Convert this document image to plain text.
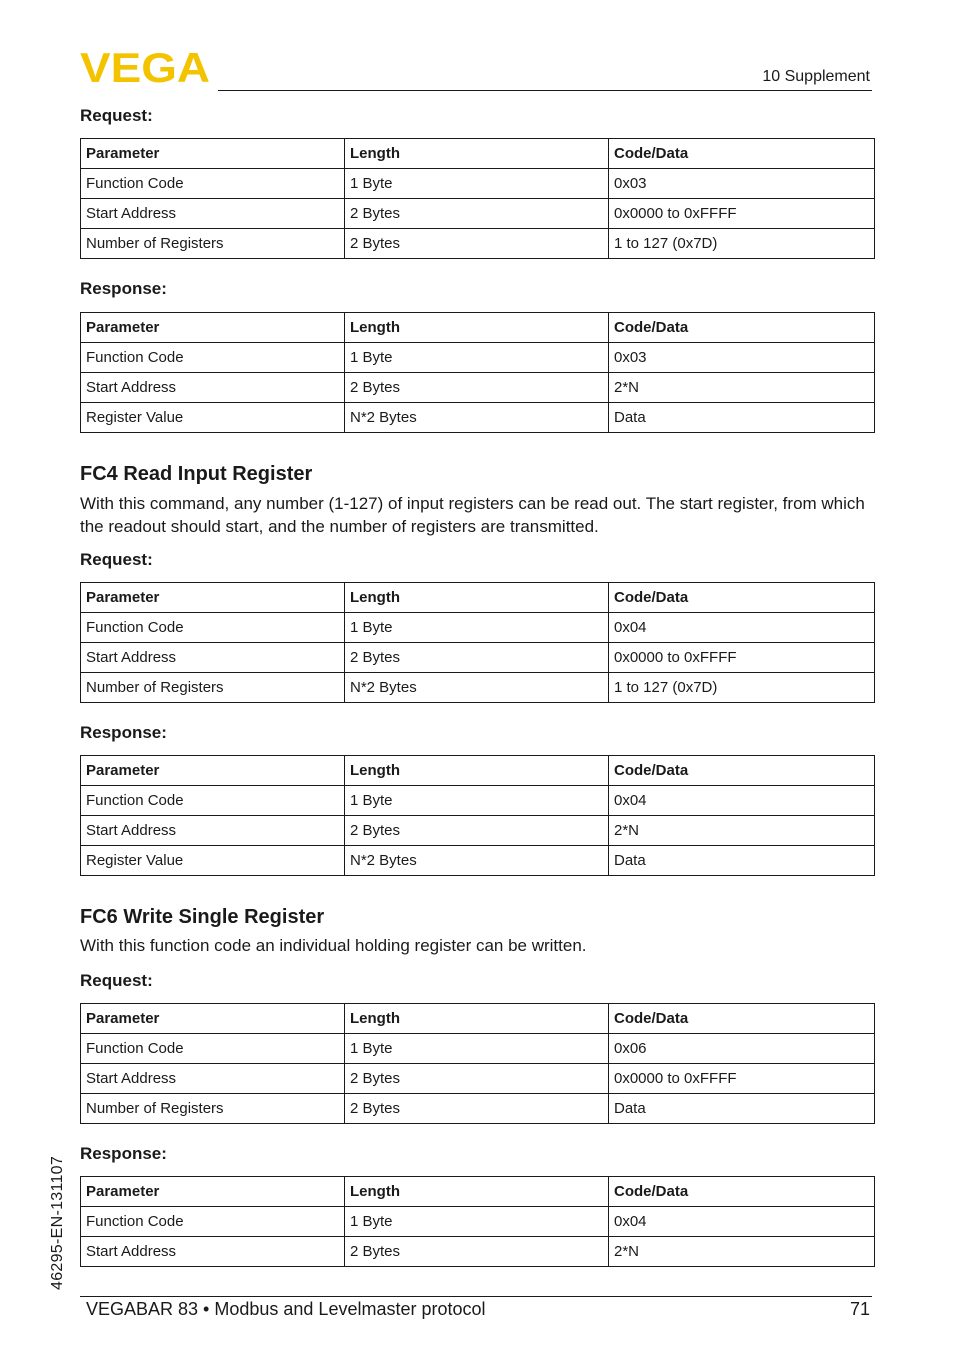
VEGA	10 Supplement
Request:
Parameter	Length	Code/Data
Function Code	1 Byte	0x03
Start Address	2 Bytes	0x0000 to 0xFFFF
Number of Registers	2 Bytes	1 to 127 (0x7D)
Response:
Parameter	Length	Code/Data
Function Code	1 Byte	0x03
Start Address	2 Bytes	2*N
Register Value	N*2 Bytes	Data
FC4 Read Input Register

With this command, any number (1-127) of input registers can be read out. The start register, from which the readout should start, and the number of registers are transmitted.

Request:
Parameter	Length	Code/Data
Function Code	1 Byte	0x04
Start Address	2 Bytes	0x0000 to 0xFFFF
Number of Registers	N*2 Bytes	1 to 127 (0x7D)
Response:
Parameter	Length	Code/Data
Function Code	1 Byte	0x04
Start Address	2 Bytes	2*N
Register Value	N*2 Bytes	Data
FC6 Write Single Register

With this function code an individual holding register can be written.

Request:
Parameter	Length	Code/Data
Function Code	1 Byte	0x06
Start Address	2 Bytes	0x0000 to 0xFFFF
Number of Registers	2 Bytes	Data
Response:
Parameter	Length	Code/Data
Function Code	1 Byte	0x04
Start Address	2 Bytes	2*N
46295-EN-131107
VEGABAR 83 • Modbus and Levelmaster protocol	71
